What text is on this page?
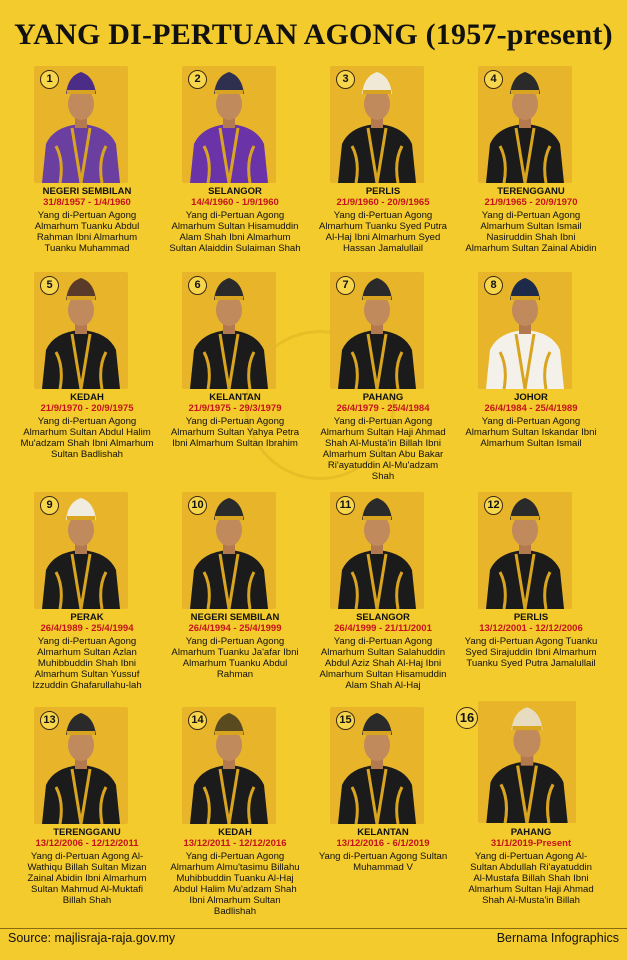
YANG DI-PERTUAN AGONG (1957-present)
1
NEGERI SEMBILAN
31/8/1957 - 1/4/1960
Yang di-Pertuan Agong Almarhum Tuanku Abdul Rahman Ibni Almarhum Tuanku Muhammad
2
SELANGOR
14/4/1960 - 1/9/1960
Yang di-Pertuan Agong Almarhum Sultan Hisamuddin Alam Shah Ibni Almarhum Sultan Alaiddin Sulaiman Shah
3
PERLIS
21/9/1960 - 20/9/1965
Yang di-Pertuan Agong Almarhum Tuanku Syed Putra Al-Haj Ibni Almarhum Syed Hassan Jamalullail
4
TERENGGANU
21/9/1965 - 20/9/1970
Yang di-Pertuan Agong Almarhum Sultan Ismail Nasiruddin Shah Ibni Almarhum Sultan Zainal Abidin
5
KEDAH
21/9/1970 - 20/9/1975
Yang di-Pertuan Agong Almarhum Sultan Abdul Halim Mu'adzam Shah Ibni Almarhum Sultan Badlishah
6
KELANTAN
21/9/1975 - 29/3/1979
Yang di-Pertuan Agong Almarhum Sultan Yahya Petra Ibni Almarhum Sultan Ibrahim
7
PAHANG
26/4/1979 - 25/4/1984
Yang di-Pertuan Agong Almarhum Sultan Haji Ahmad Shah Al-Musta'in Billah Ibni Almarhum Sultan Abu Bakar Ri'ayatuddin Al-Mu'adzam Shah
8
JOHOR
26/4/1984 - 25/4/1989
Yang di-Pertuan Agong Almarhum Sultan Iskandar Ibni Almarhum Sultan Ismail
9
PERAK
26/4/1989 - 25/4/1994
Yang di-Pertuan Agong Almarhum Sultan Azlan Muhibbuddin Shah Ibni Almarhum Sultan Yussuf Izzuddin Ghafarullahu-lah
10
NEGERI SEMBILAN
26/4/1994 - 25/4/1999
Yang di-Pertuan Agong Almarhum Tuanku Ja'afar Ibni Almarhum Tuanku Abdul Rahman
11
SELANGOR
26/4/1999 - 21/11/2001
Yang di-Pertuan Agong Almarhum Sultan Salahuddin Abdul Aziz Shah Al-Haj Ibni Almarhum Sultan Hisamuddin Alam Shah Al-Haj
12
PERLIS
13/12/2001 - 12/12/2006
Yang di-Pertuan Agong Tuanku Syed Sirajuddin Ibni Almarhum Tuanku Syed Putra Jamalullail
13
TERENGGANU
13/12/2006 - 12/12/2011
Yang di-Pertuan Agong Al-Wathiqu Billah Sultan Mizan Zainal Abidin Ibni Almarhum Sultan Mahmud Al-Muktafi Billah Shah
14
KEDAH
13/12/2011 - 12/12/2016
Yang di-Pertuan Agong Almarhum Almu'tasimu Billahu Muhibbuddin Tuanku Al-Haj Abdul Halim Mu'adzam Shah Ibni Almarhum Sultan Badlishah
15
KELANTAN
13/12/2016 - 6/1/2019
Yang di-Pertuan Agong Sultan Muhammad V
16
PAHANG
31/1/2019-Present
Yang di-Pertuan Agong Al-Sultan Abdullah Ri'ayatuddin Al-Mustafa Billah Shah Ibni Almarhum Sultan Haji Ahmad Shah Al-Musta'in Billah
Source: majlisraja-raja.gov.my	Bernama Infographics
